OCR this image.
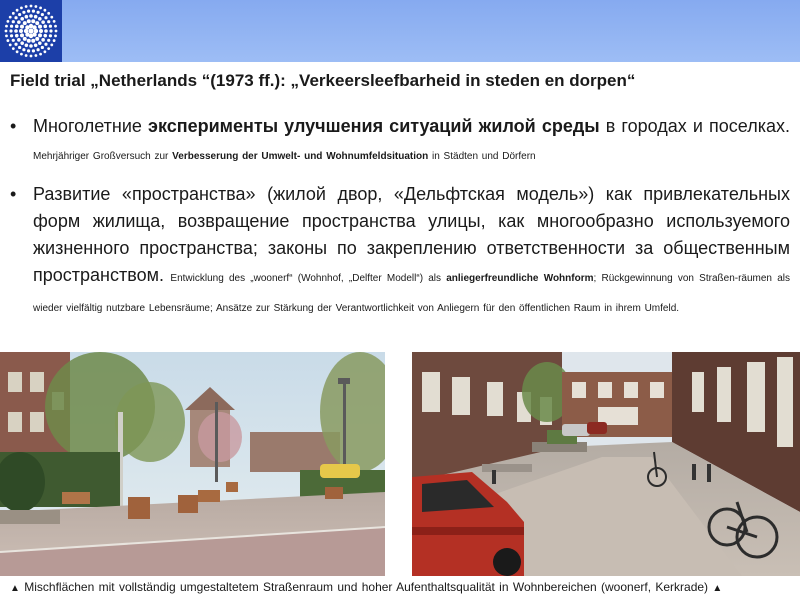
Field trial „Netherlands “(1973 ff.): „Verkeersleefbarheid in steden en dorpen“
• Многолетние эксперименты улучшения ситуаций жилой среды в городах и поселках. Mehrjähriger Großversuch zur Verbesserung der Umwelt- und Wohnumfeldsituation in Städten und Dörfern
• Развитие «пространства» (жилой двор, «Дельфтская модель») как привлекательных форм жилища, возвращение пространства улицы, как многообразно используемого жизненного пространства; законы по закреплению ответственности за общественным пространством. Entwicklung des „woonerf“ (Wohnhof, „Delfter Modell“) als anliegerfreundliche Wohnform; Rückgewinnung von Straßen-räumen als wieder vielfältig nutzbare Lebensräume; Ansätze zur Stärkung der Verantwortlichkeit von Anliegern für den öffentlichen Raum in ihrem Umfeld.
▲ Mischflächen mit vollständig umgestaltetem Straßenraum und hoher Aufenthaltsqualität in Wohnbereichen (woonerf, Kerkrade) ▲
